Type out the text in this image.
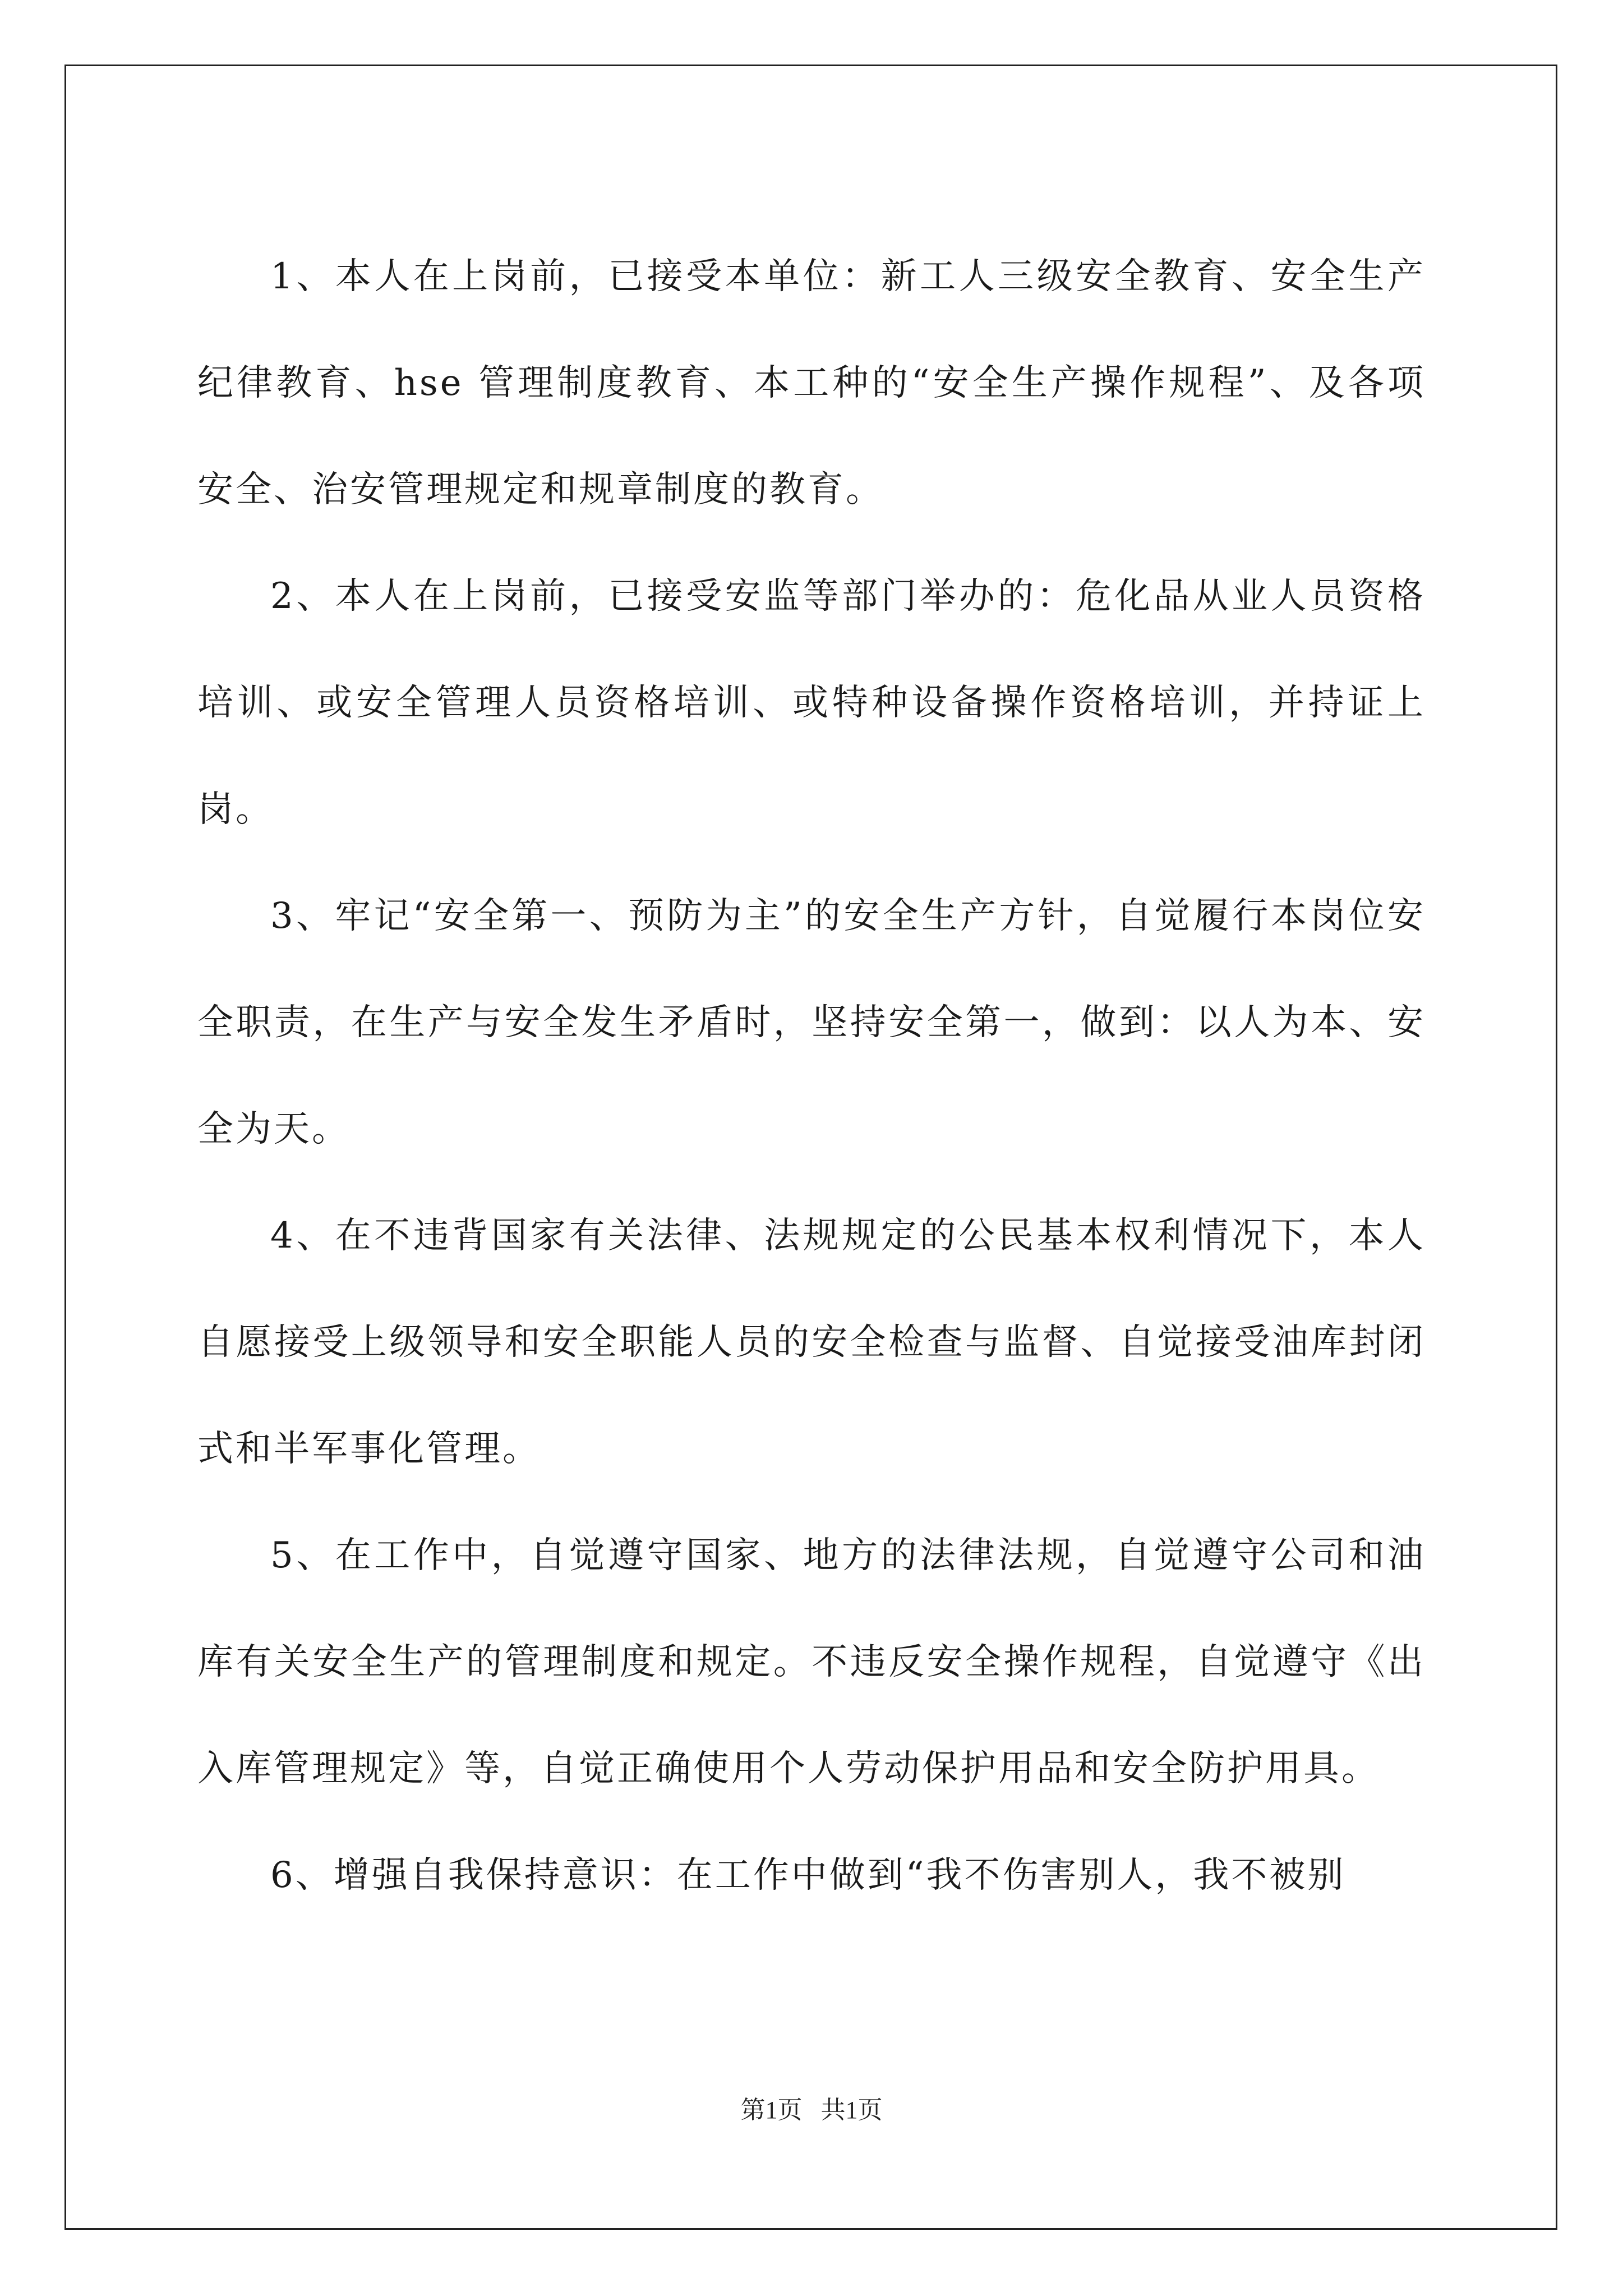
1、本人在上岗前，已接受本单位：新工人三级安全教育、安全生产纪律教育、hse 管理制度教育、本工种的“安全生产操作规程”、及各项安全、治安管理规定和规章制度的教育。

2、本人在上岗前，已接受安监等部门举办的：危化品从业人员资格培训、或安全管理人员资格培训、或特种设备操作资格培训，并持证上岗。

3、牢记“安全第一、预防为主”的安全生产方针，自觉履行本岗位安全职责，在生产与安全发生矛盾时，坚持安全第一，做到：以人为本、安全为天。

4、在不违背国家有关法律、法规规定的公民基本权利情况下，本人自愿接受上级领导和安全职能人员的安全检查与监督、自觉接受油库封闭式和半军事化管理。

5、在工作中，自觉遵守国家、地方的法律法规，自觉遵守公司和油库有关安全生产的管理制度和规定。不违反安全操作规程，自觉遵守《出入库管理规定》等，自觉正确使用个人劳动保护用品和安全防护用具。

6、增强自我保持意识：在工作中做到“我不伤害别人，我不被别

第1页   共1页
